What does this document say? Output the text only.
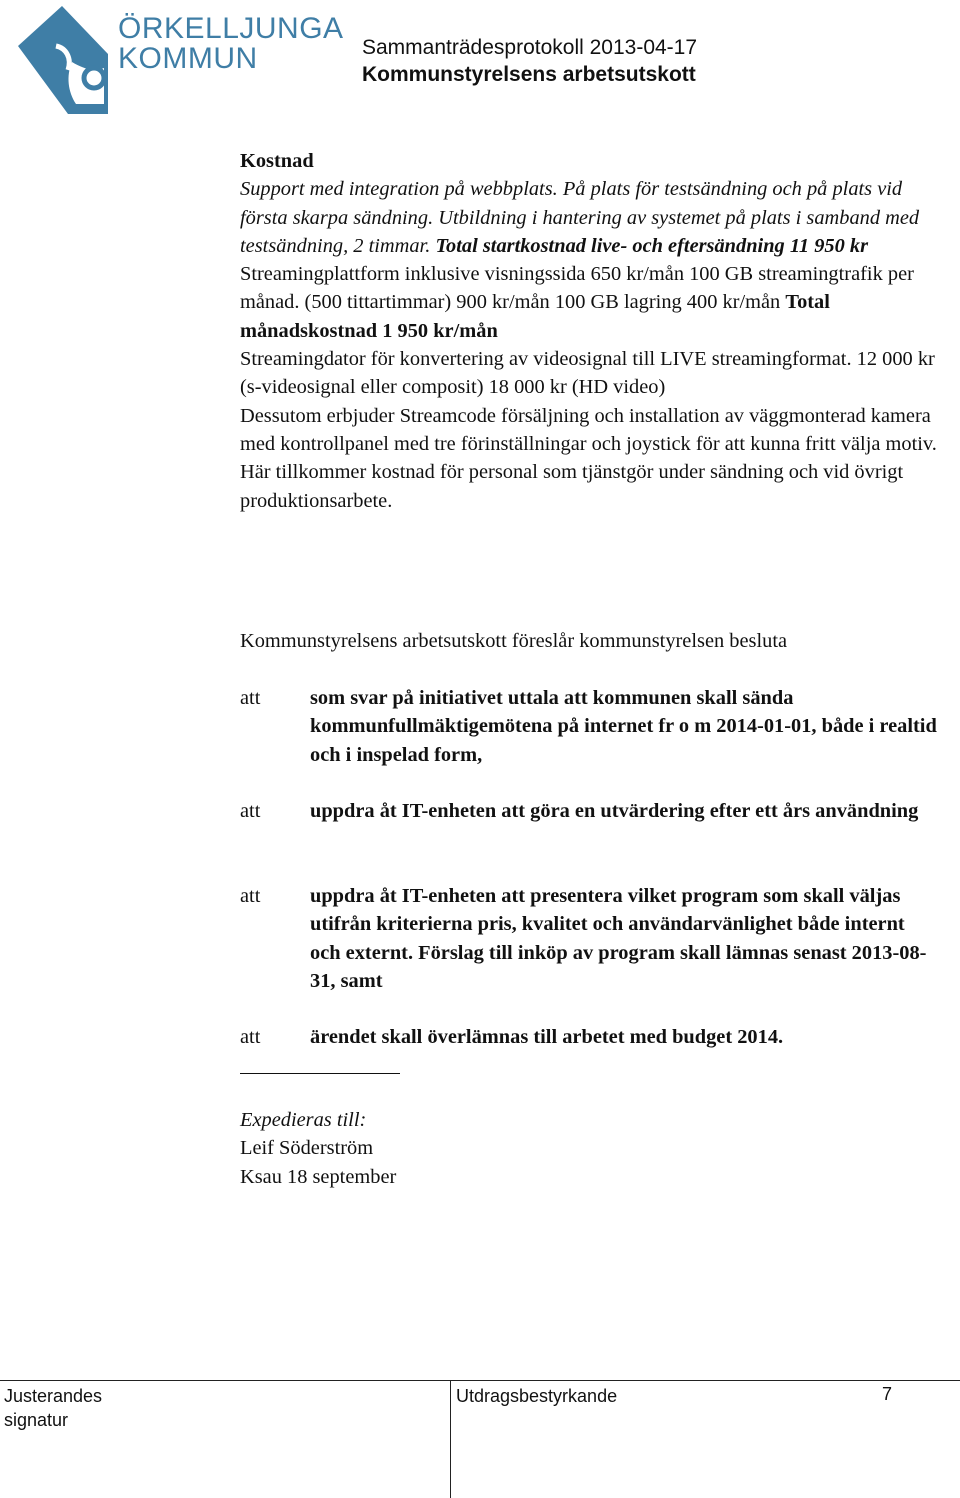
ÖRKELLJUNGA
KOMMUN	Sammanträdesprotokoll 2013-04-17
Kommunstyrelsens arbetsutskott

Kostnad

Support med integration på webbplats. På plats för testsändning och på plats vid första skarpa sändning. Utbildning i hantering av systemet på plats i samband med testsändning, 2 timmar. Total startkostnad live- och eftersändning 11 950 kr Streamingplattform inklusive visningssida 650 kr/mån 100 GB streamingtrafik per månad. (500 tittartimmar) 900 kr/mån 100 GB lagring 400 kr/mån Total månadskostnad 1 950 kr/mån

Streamingdator för konvertering av videosignal till LIVE streamingformat. 12 000 kr (s-videosignal eller composit) 18 000 kr (HD video)

Dessutom erbjuder Streamcode försäljning och installation av väggmonterad kamera med kontrollpanel med tre förinställningar och joystick för att kunna fritt välja motiv.

Här tillkommer kostnad för personal som tjänstgör under sändning och vid övrigt produktionsarbete.

Kommunstyrelsens arbetsutskott föreslår kommunstyrelsen besluta
att som svar på initiativet uttala att kommunen skall sända kommunfullmäktigemötena på internet fr o m 2014-01-01, både i realtid och i inspelad form,
att uppdra åt IT-enheten att göra en utvärdering efter ett års användning
att uppdra åt IT-enheten att presentera vilket program som skall väljas utifrån kriterierna pris, kvalitet och användarvänlighet både internt och externt. Förslag till inköp av program skall lämnas senast 2013-08-31, samt
att ärendet skall överlämnas till arbetet med budget 2014.
Expedieras till:
Leif Söderström
Ksau 18 september
Justerandes signatur
Utdragsbestyrkande	7
